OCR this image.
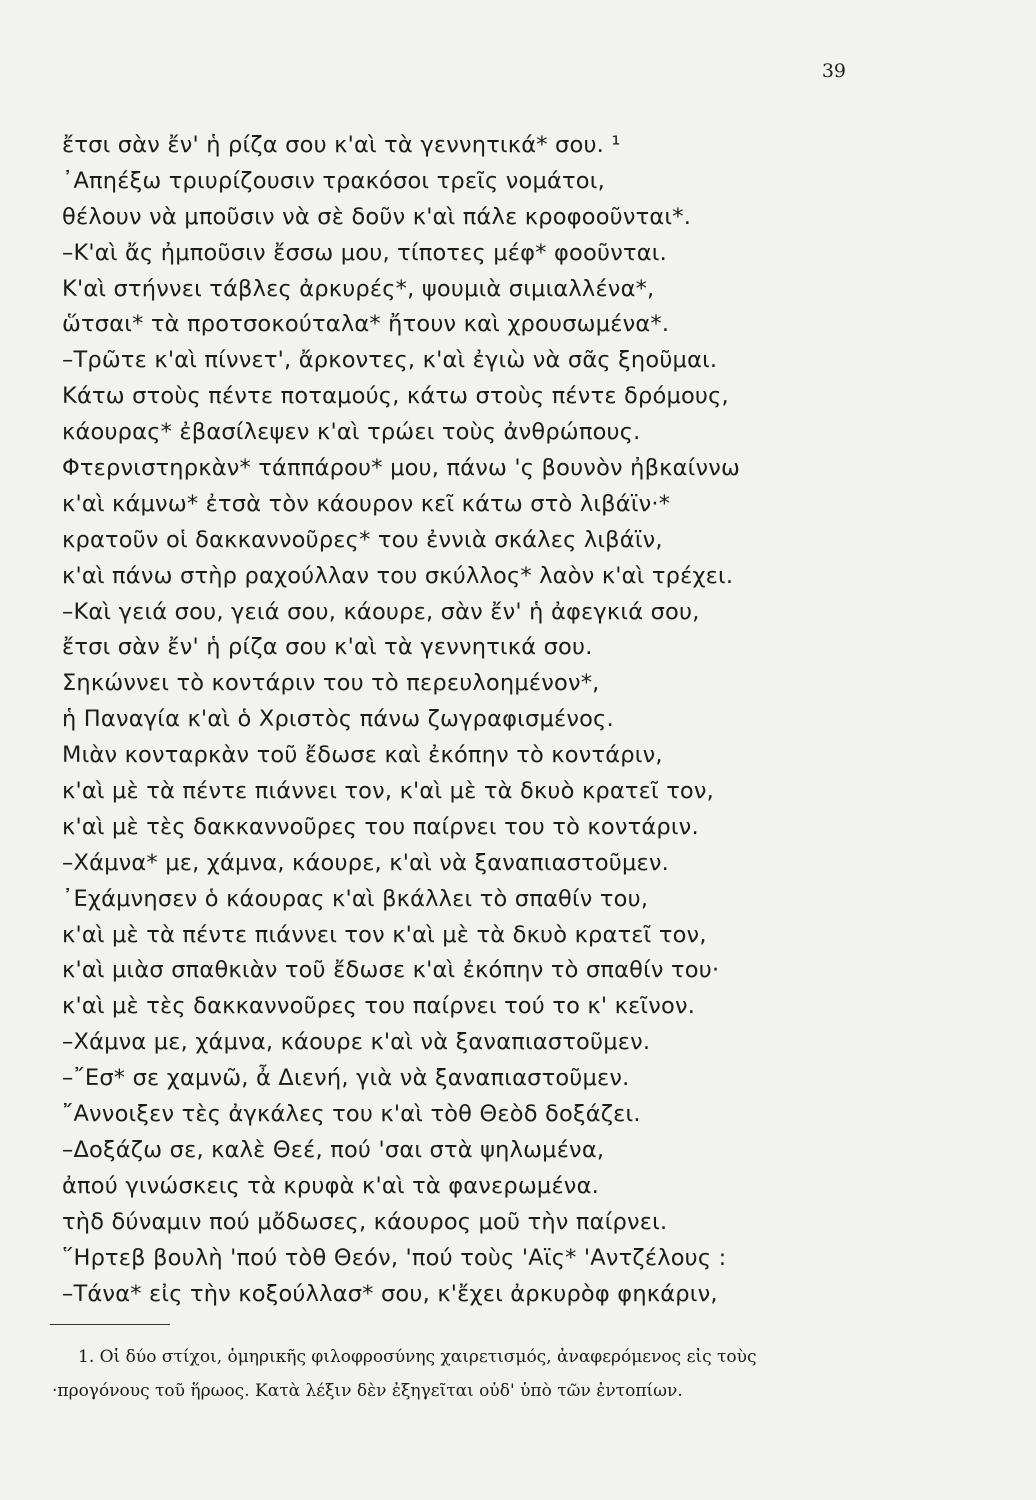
39
ἔτσι σὰν ἔν' ἡ ρίζα σου κ'αὶ τὰ γεννητικά* σου. ¹
᾿Απηέξω τριυρίζουσιν τρακόσοι τρεῖς νομάτοι,
θέλουν νὰ μποῦσιν νὰ σὲ δοῦν κ'αὶ πάλε κροφοοῦνται*.
–Κ'αὶ ἄς ἠμποῦσιν ἔσσω μου, τίποτες μέφ* φοοῦνται.
Κ'αὶ στήννει τάβλες ἀρκυρές*, ψουμιὰ σιμιαλλένα*,
ὥτσαι* τὰ προτσοκούταλα* ἤτουν καὶ χρουσωμένα*.
–Τρῶτε κ'αὶ πίννετ', ἄρκοντες, κ'αὶ ἐγιὼ νὰ σᾶς ξηοῦμαι.
Κάτω στοὺς πέντε ποταμούς, κάτω στοὺς πέντε δρόμους,
κάουρας* ἐβασίλεψεν κ'αὶ τρώει τοὺς ἀνθρώπους.
Φτερνιστηρκὰν* τάππάρου* μου, πάνω 'ς βουνὸν ἠβκαίννω
κ'αὶ κάμνω* ἐτσὰ τὸν κάουρον κεῖ κάτω στὸ λιβάϊν·*
κρατοῦν οἱ δακκαννοῦρες* του ἐννιὰ σκάλες λιβάϊν,
κ'αὶ πάνω στὴρ ραχούλλαν του σκύλλος* λαὸν κ'αὶ τρέχει.
–Καὶ γειά σου, γειά σου, κάουρε, σὰν ἔν' ἡ ἀφεγκιά σου,
ἔτσι σὰν ἔν' ἡ ρίζα σου κ'αὶ τὰ γεννητικά σου.
Σηκώννει τὸ κοντάριν του τὸ περευλοημένον*,
ἡ Παναγία κ'αὶ ὁ Χριστὸς πάνω ζωγραφισμένος.
Μιὰν κονταρκὰν τοῦ ἔδωσε καὶ ἐκόπην τὸ κοντάριν,
κ'αὶ μὲ τὰ πέντε πιάννει τον, κ'αὶ μὲ τὰ δκυὸ κρατεῖ τον,
κ'αὶ μὲ τὲς δακκαννοῦρες του παίρνει του τὸ κοντάριν.
–Χάμνα* με, χάμνα, κάουρε, κ'αὶ νὰ ξαναπιαστοῦμεν.
᾿Εχάμνησεν ὁ κάουρας κ'αὶ βκάλλει τὸ σπαθίν του,
κ'αὶ μὲ τὰ πέντε πιάννει τον κ'αὶ μὲ τὰ δκυὸ κρατεῖ τον,
κ'αὶ μιὰσ σπαθκιὰν τοῦ ἔδωσε κ'αὶ ἐκόπην τὸ σπαθίν του·
κ'αὶ μὲ τὲς δακκαννοῦρες του παίρνει τού το κ' κεῖνον.
–Χάμνα με, χάμνα, κάουρε κ'αὶ νὰ ξαναπιαστοῦμεν.
–῎Εσ* σε χαμνῶ, ἆ Διενή, γιὰ νὰ ξαναπιαστοῦμεν.
῎Αννοιξεν τὲς ἀγκάλες του κ'αὶ τὸθ Θεὸδ δοξάζει.
–Δοξάζω σε, καλὲ Θεέ, πού 'σαι στὰ ψηλωμένα,
ἀπού γινώσκεις τὰ κρυφὰ κ'αὶ τὰ φανερωμένα.
τὴδ δύναμιν πού μὄδωσες, κάουρος μοῦ τὴν παίρνει.
῞Ηρτεβ βουλὴ 'πού τὸθ Θεόν, 'πού τοὺς 'Αϊς* 'Αντζέλους :
–Τάνα* εἰς τὴν κοξούλλασ* σου, κ'ἔχει ἀρκυρὸφ φηκάριν,
1. Οἱ δύο στίχοι, ὁμηρικῆς φιλοφροσύνης χαιρετισμός, ἀναφερόμενος εἰς τοὺς
·προγόνους τοῦ ἥρωος. Κατὰ λέξιν δὲν ἐξηγεῖται οὐδ' ὑπὸ τῶν ἐντοπίων.
